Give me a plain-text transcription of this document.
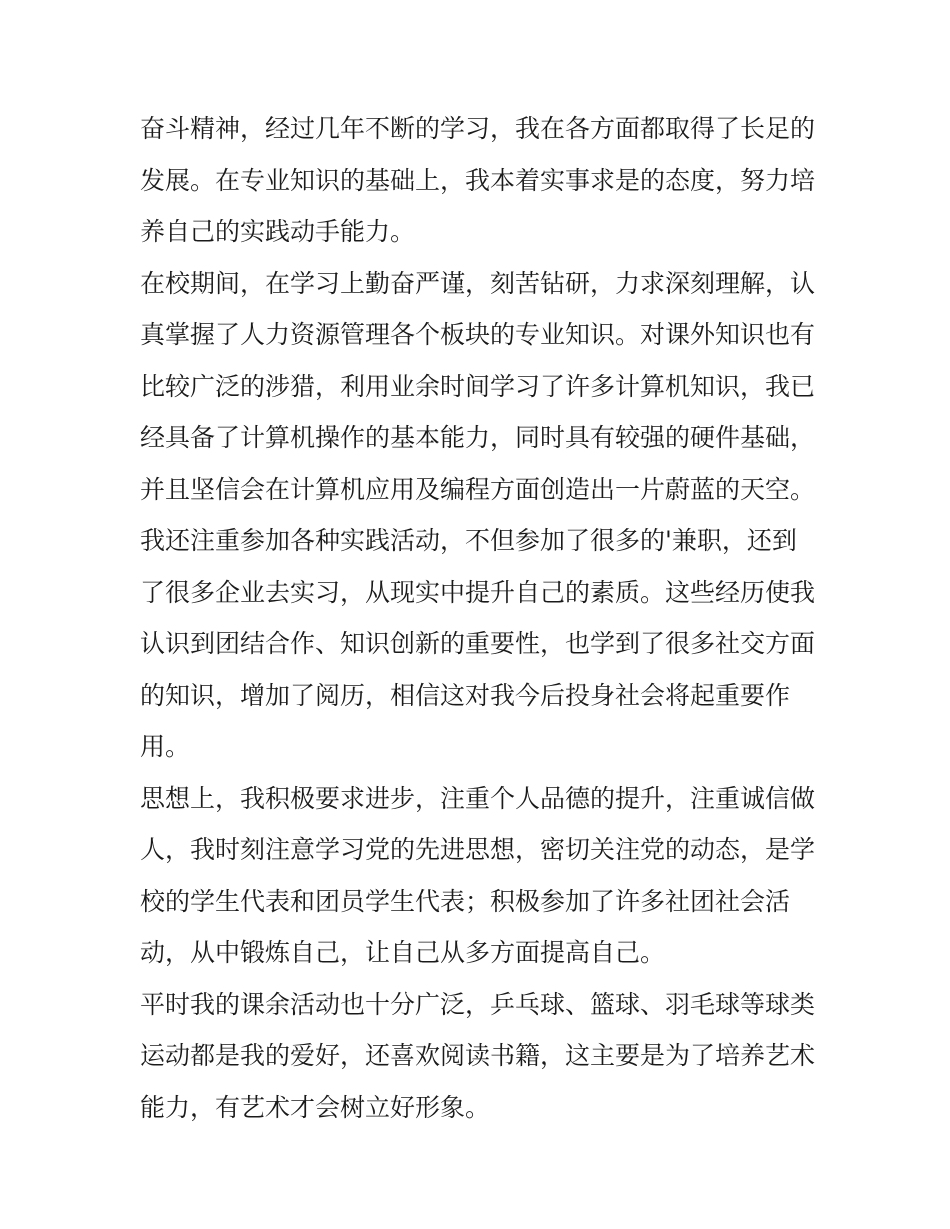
奋斗精神，经过几年不断的学习，我在各方面都取得了长足的
发展。在专业知识的基础上，我本着实事求是的态度，努力培
养自己的实践动手能力。
在校期间，在学习上勤奋严谨，刻苦钻研，力求深刻理解，认
真掌握了人力资源管理各个板块的专业知识。对课外知识也有
比较广泛的涉猎，利用业余时间学习了许多计算机知识，我已
经具备了计算机操作的基本能力，同时具有较强的硬件基础，
并且坚信会在计算机应用及编程方面创造出一片蔚蓝的天空。
我还注重参加各种实践活动，不但参加了很多的'兼职，还到
了很多企业去实习，从现实中提升自己的素质。这些经历使我
认识到团结合作、知识创新的重要性，也学到了很多社交方面
的知识，增加了阅历，相信这对我今后投身社会将起重要作
用。
思想上，我积极要求进步，注重个人品德的提升，注重诚信做
人，我时刻注意学习党的先进思想，密切关注党的动态，是学
校的学生代表和团员学生代表；积极参加了许多社团社会活
动，从中锻炼自己，让自己从多方面提高自己。
平时我的课余活动也十分广泛，乒乓球、篮球、羽毛球等球类
运动都是我的爱好，还喜欢阅读书籍，这主要是为了培养艺术
能力，有艺术才会树立好形象。
